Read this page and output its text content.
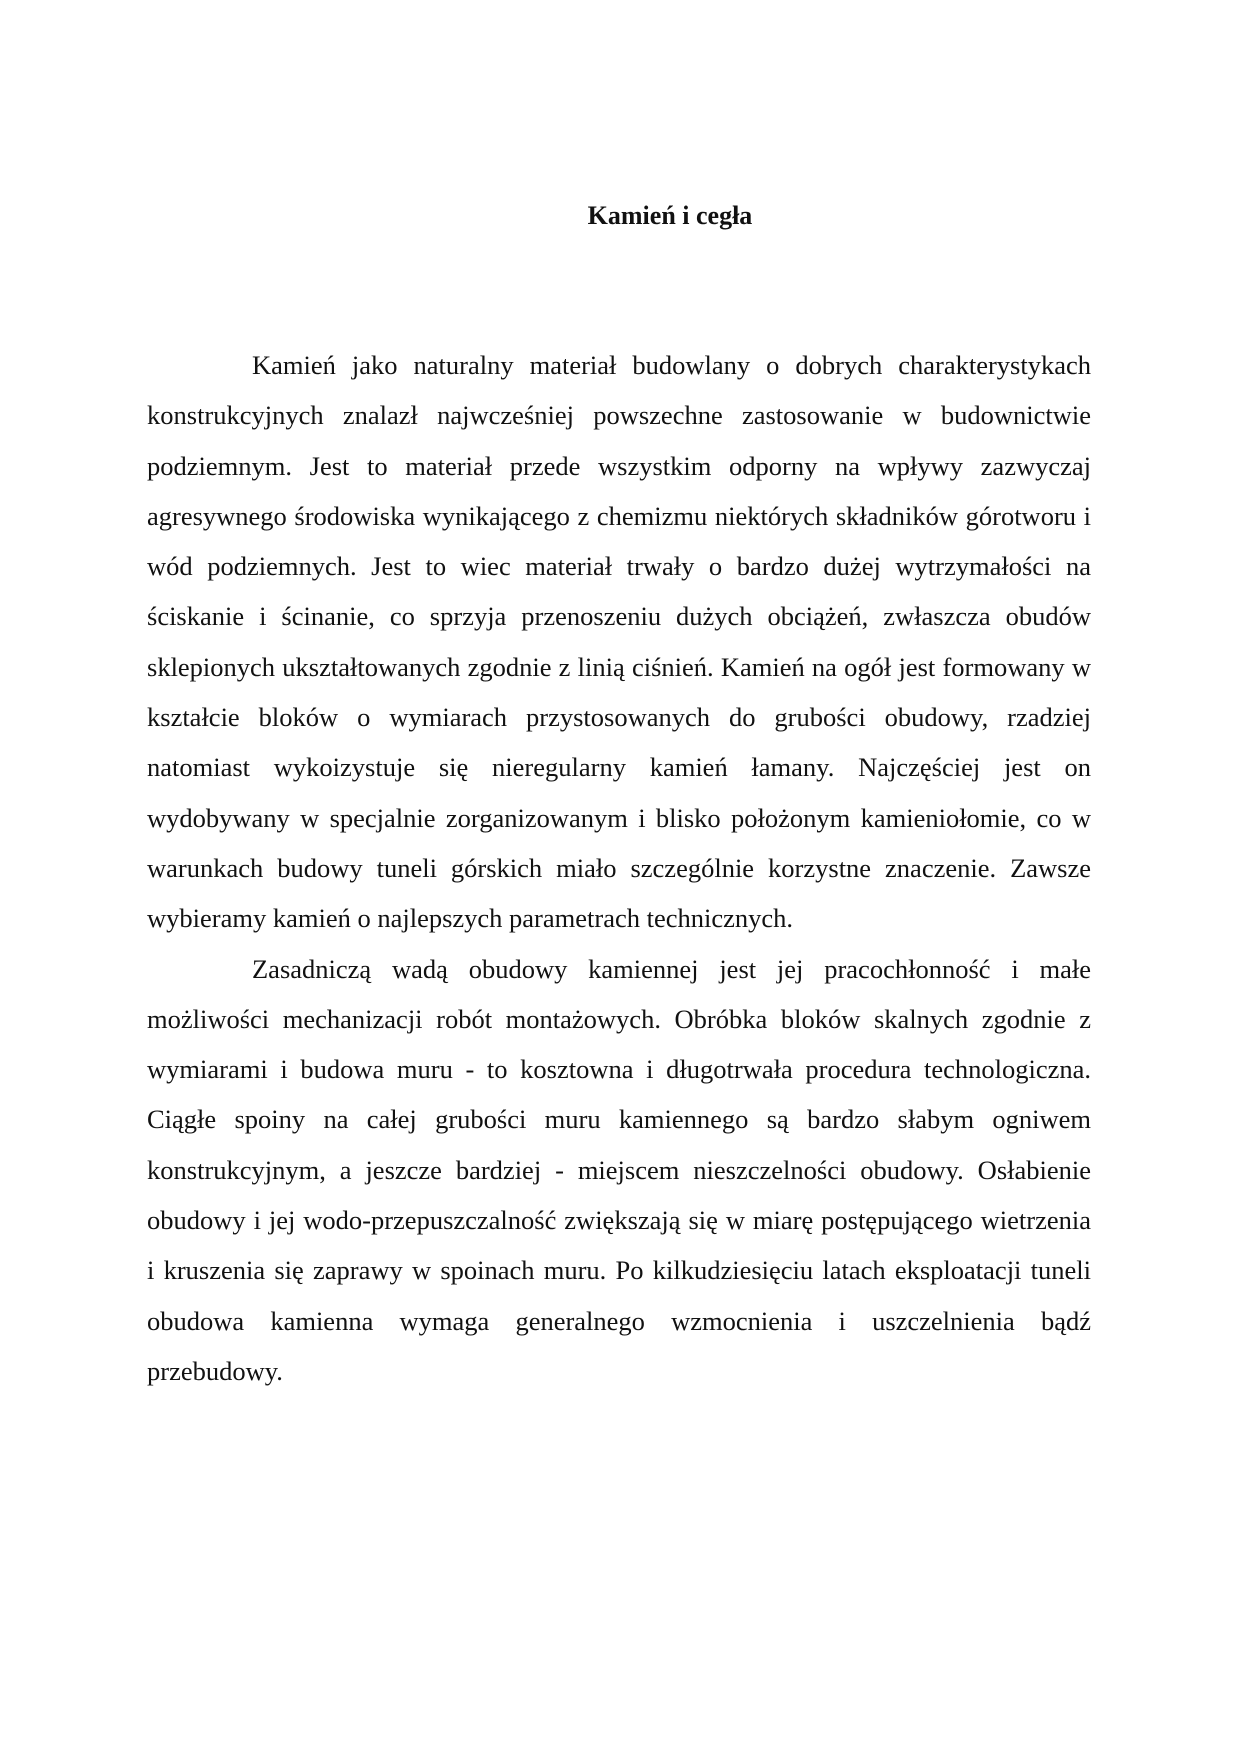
Kamień i cegła

Kamień jako naturalny materiał budowlany o dobrych charakterystykach konstrukcyjnych znalazł najwcześniej powszechne zastosowanie w budownictwie podziemnym. Jest to materiał przede wszystkim odporny na wpływy zazwyczaj agresywnego środowiska wynikającego z chemizmu niektórych składników górotworu i wód podziemnych. Jest to wiec materiał trwały o bardzo dużej wytrzymałości na ściskanie i ścinanie, co sprzyja przenoszeniu dużych obciążeń, zwłaszcza obudów sklepionych ukształtowanych zgodnie z linią ciśnień. Kamień na ogół jest formowany w kształcie bloków o wymiarach przystosowanych do grubości obudowy, rzadziej natomiast wykoizystuje się nieregularny kamień łamany. Najczęściej jest on wydobywany w specjalnie zorganizowanym i blisko położonym kamieniołomie, co w warunkach budowy tuneli górskich miało szczególnie korzystne znaczenie. Zawsze wybieramy kamień o najlepszych parametrach technicznych.

Zasadniczą wadą obudowy kamiennej jest jej pracochłonność i małe możliwości mechanizacji robót montażowych. Obróbka bloków skalnych zgodnie z wymiarami i budowa muru - to kosztowna i długotrwała procedura technologiczna. Ciągłe spoiny na całej grubości muru kamiennego są bardzo słabym ogniwem konstrukcyjnym, a jeszcze bardziej - miejscem nieszczelności obudowy. Osłabienie obudowy i jej wodo-przepuszczalność zwiększają się w miarę postępującego wietrzenia i kruszenia się zaprawy w spoinach muru. Po kilkudziesięciu latach eksploatacji tuneli obudowa kamienna wymaga generalnego wzmocnienia i uszczelnienia bądź przebudowy.
